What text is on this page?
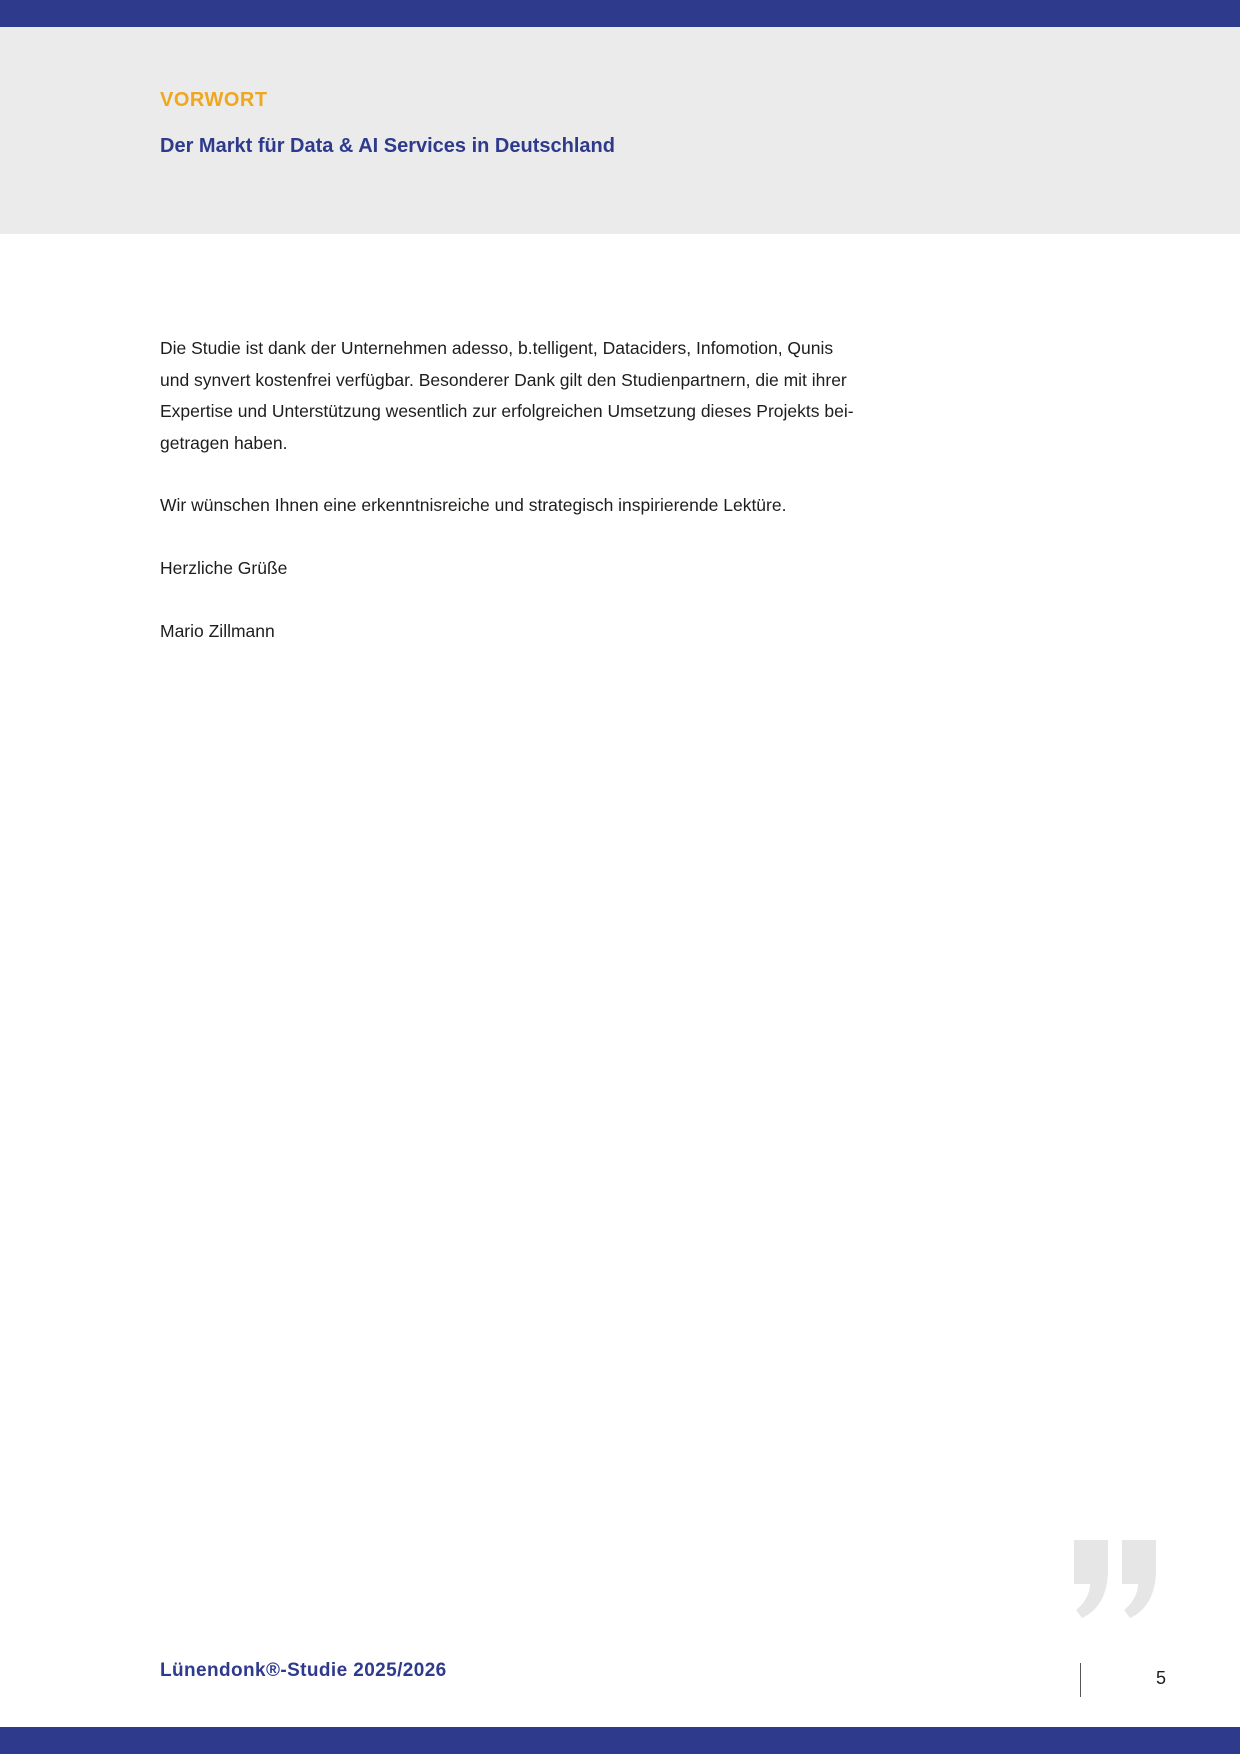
VORWORT
Der Markt für Data & AI Services in Deutschland
Die Studie ist dank der Unternehmen adesso, b.telligent, Dataciders, Infomotion, Qunis
und synvert kostenfrei verfügbar. Besonderer Dank gilt den Studienpartnern, die mit ihrer
Expertise und Unterstützung wesentlich zur erfolgreichen Umsetzung dieses Projekts bei-
getragen haben.
Wir wünschen Ihnen eine erkenntnisreiche und strategisch inspirierende Lektüre.
Herzliche Grüße
Mario Zillmann
Lünendonk®-Studie 2025/2026	5
